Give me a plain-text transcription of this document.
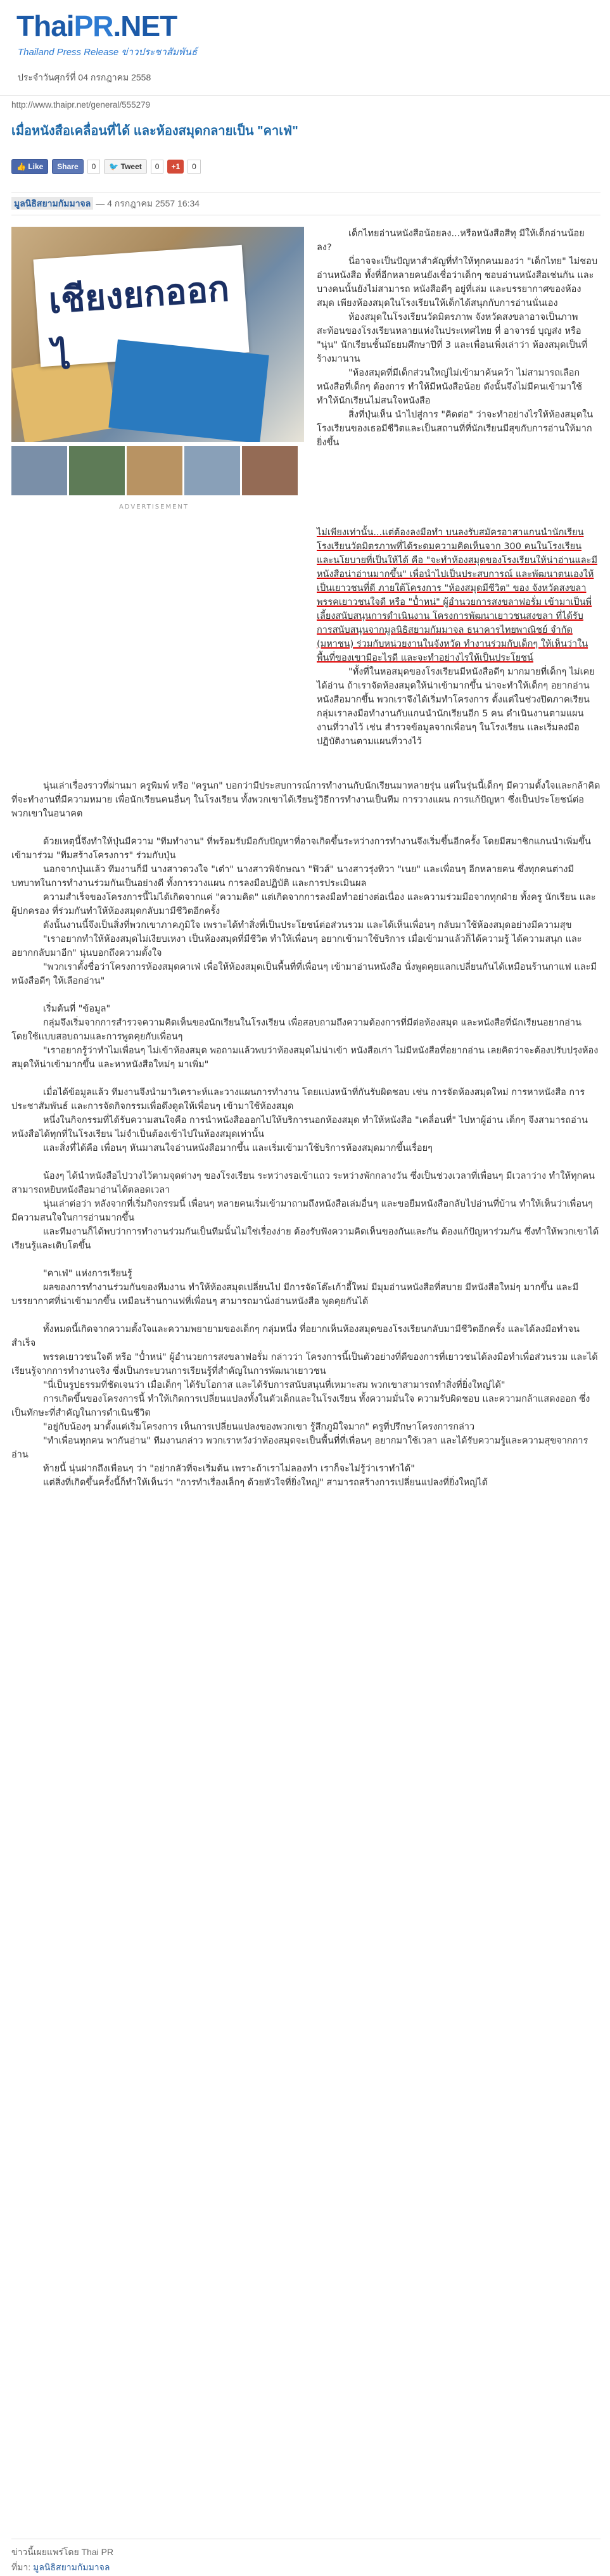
ThaiPR.NET
Thailand Press Release ข่าวประชาสัมพันธ์
ประจำวันศุกร์ที่ 04 กรกฎาคม 2558
http://www.thaipr.net/general/555279
เมื่อหนังสือเคลื่อนที่ได้ และห้องสมุดกลายเป็น "คาเฟ่"
👍 Like	Share	0	🐦 Tweet	0	+1	0
มูลนิธิสยามกัมมาจล — 4 กรกฎาคม 2557 16:34
เชียงยกออกไ
ADVERTISEMENT

เด็กไทยอ่านหนังสือน้อยลง...หรือหนังสือสีทุ มีให้เด็กอ่านน้อยลง?

นี่อาจจะเป็นปัญหาสำคัญที่ทำให้ทุกคนมองว่า "เด็กไทย" ไม่ชอบอ่านหนังสือ ทั้งที่อีกหลายคนยังเชื่อว่าเด็กๆ ชอบอ่านหนังสือเช่นกัน และบางคนนั้นยังไม่สามารถ หนังสือดีๆ อยู่ที่เล่ม และบรรยากาศของห้องสมุด เพียงห้องสมุดในโรงเรียนให้เด็กได้สนุกกับการอ่านนั่นเอง

ห้องสมุดในโรงเรียนวัดมิตรภาพ จังหวัดสงขลาอาจเป็นภาพสะท้อนของโรงเรียนหลายแห่งในประเทศไทย ที่ อาจารย์ บุญส่ง หรือ "นุ่น" นักเรียนชั้นมัธยมศึกษาปีที่ 3 และเพื่อนเพิ่งเล่าว่า ห้องสมุดเป็นที่ร้างมานาน

"ห้องสมุดที่มีเด็กส่วนใหญ่ไม่เข้ามาค้นคว้า ไม่สามารถเลือกหนังสือที่เด็กๆ ต้องการ ทำให้มีหนังสือน้อย ดังนั้นจึงไม่มีคนเข้ามาใช้ ทำให้นักเรียนไม่สนใจหนังสือ

สิ่งที่ปุ่นเห็น นำไปสู่การ "คิดต่อ" ว่าจะทำอย่างไรให้ห้องสมุดในโรงเรียนของเธอมีชีวิตและเป็นสถานที่ที่นักเรียนมีสุขกับการอ่านให้มากยิ่งขึ้น

ไม่เพียงเท่านั้น...แต่ต้องลงมือทำ บนลงรับสมัครอาสาแกนนำนักเรียนโรงเรียนวัดมิตรภาพที่ได้ระดมความคิดเห็นจาก 300 คนในโรงเรียน และนโยบายที่เป็นให้ได้ คือ "จะทำห้องสมุดของโรงเรียนให้น่าอ่านและมีหนังสือน่าอ่านมากขึ้น" เพื่อนำไปเป็นประสบการณ์ และพัฒนาตนเองให้เป็นเยาวชนที่ดี ภายใต้โครงการ "ห้องสมุดมีชีวิต" ของ จังหวัดสงขลา พรรคเยาวชนใจดี หรือ "ป๋ำหน่" ผู้อำนวยการสงขลาฟอรั่ม เข้ามาเป็นพี่เลี้ยงสนับสนุนการดำเนินงาน โครงการพัฒนาเยาวชนสงขลา ที่ได้รับการสนับสนุนจากมูลนิธิสยามกัมมาจล ธนาคารไทยพาณิชย์ จำกัด (มหาชน) ร่วมกับหน่วยงานในจังหวัด ทำงานร่วมกับเด็กๆ ให้เห็นว่าในพื้นที่ของเขามีอะไรดี และจะทำอย่างไรให้เป็นประโยชน์

"ทั้งที่ในหอสมุดของโรงเรียนมีหนังสือดีๆ มากมายที่เด็กๆ ไม่เคยได้อ่าน ถ้าเราจัดห้องสมุดให้น่าเข้ามากขึ้น น่าจะทำให้เด็กๆ อยากอ่านหนังสือมากขึ้น พวกเราจึงได้เริ่มทำโครงการ ตั้งแต่ในช่วงปิดภาคเรียน กลุ่มเราลงมือทำงานกับแกนนำนักเรียนอีก 5 คน ดำเนินงานตามแผนงานที่วางไว้ เช่น สำรวจข้อมูลจากเพื่อนๆ ในโรงเรียน และเริ่มลงมือปฏิบัติงานตามแผนที่วางไว้

นุ่นเล่าเรื่องราวที่ผ่านมา ครูพิมพ์ หรือ "ครูนก" บอกว่ามีประสบการณ์การทำงานกับนักเรียนมาหลายรุ่น แต่ในรุ่นนี้เด็กๆ มีความตั้งใจและกล้าคิดที่จะทำงานที่มีความหมาย เพื่อนักเรียนคนอื่นๆ ในโรงเรียน ทั้งพวกเขาได้เรียนรู้วิธีการทำงานเป็นทีม การวางแผน การแก้ปัญหา ซึ่งเป็นประโยชน์ต่อพวกเขาในอนาคต

ด้วยเหตุนี้จึงทำให้ปุ่นมีความ "ทีมทำงาน" ที่พร้อมรับมือกับปัญหาที่อาจเกิดขึ้นระหว่างการทำงานจึงเริ่มขึ้นอีกครั้ง โดยมีสมาชิกแกนนำเพิ่มขึ้น เข้ามาร่วม "ทีมสร้างโครงการ" ร่วมกับปุ่น

นอกจากปุ่นแล้ว ทีมงานก็มี นางสาวดวงใจ "เต๋า" นางสาวพิจักษณา "ฟิวส์" นางสาวรุ่งทิวา "เนย" และเพื่อนๆ อีกหลายคน ซึ่งทุกคนต่างมีบทบาทในการทำงานร่วมกันเป็นอย่างดี ทั้งการวางแผน การลงมือปฏิบัติ และการประเมินผล

ความสำเร็จของโครงการนี้ไม่ได้เกิดจากแค่ "ความคิด" แต่เกิดจากการลงมือทำอย่างต่อเนื่อง และความร่วมมือจากทุกฝ่าย ทั้งครู นักเรียน และผู้ปกครอง ที่ร่วมกันทำให้ห้องสมุดกลับมามีชีวิตอีกครั้ง

ดังนั้นงานนี้จึงเป็นสิ่งที่พวกเขาภาคภูมิใจ เพราะได้ทำสิ่งที่เป็นประโยชน์ต่อส่วนรวม และได้เห็นเพื่อนๆ กลับมาใช้ห้องสมุดอย่างมีความสุข

"เราอยากทำให้ห้องสมุดไม่เงียบเหงา เป็นห้องสมุดที่มีชีวิต ทำให้เพื่อนๆ อยากเข้ามาใช้บริการ เมื่อเข้ามาแล้วก็ได้ความรู้ ได้ความสนุก และอยากกลับมาอีก" นุ่นบอกถึงความตั้งใจ

"พวกเราตั้งชื่อว่าโครงการห้องสมุดคาเฟ่ เพื่อให้ห้องสมุดเป็นพื้นที่ที่เพื่อนๆ เข้ามาอ่านหนังสือ นั่งพูดคุยแลกเปลี่ยนกันได้เหมือนร้านกาแฟ และมีหนังสือดีๆ ให้เลือกอ่าน"

เริ่มต้นที่ "ข้อมูล"

กลุ่มจึงเริ่มจากการสำรวจความคิดเห็นของนักเรียนในโรงเรียน เพื่อสอบถามถึงความต้องการที่มีต่อห้องสมุด และหนังสือที่นักเรียนอยากอ่าน โดยใช้แบบสอบถามและการพูดคุยกับเพื่อนๆ

"เราอยากรู้ว่าทำไมเพื่อนๆ ไม่เข้าห้องสมุด พอถามแล้วพบว่าห้องสมุดไม่น่าเข้า หนังสือเก่า ไม่มีหนังสือที่อยากอ่าน เลยคิดว่าจะต้องปรับปรุงห้องสมุดให้น่าเข้ามากขึ้น และหาหนังสือใหม่ๆ มาเพิ่ม"

เมื่อได้ข้อมูลแล้ว ทีมงานจึงนำมาวิเคราะห์และวางแผนการทำงาน โดยแบ่งหน้าที่กันรับผิดชอบ เช่น การจัดห้องสมุดใหม่ การหาหนังสือ การประชาสัมพันธ์ และการจัดกิจกรรมเพื่อดึงดูดให้เพื่อนๆ เข้ามาใช้ห้องสมุด

หนึ่งในกิจกรรมที่ได้รับความสนใจคือ การนำหนังสือออกไปให้บริการนอกห้องสมุด ทำให้หนังสือ "เคลื่อนที่" ไปหาผู้อ่าน เด็กๆ จึงสามารถอ่านหนังสือได้ทุกที่ในโรงเรียน ไม่จำเป็นต้องเข้าไปในห้องสมุดเท่านั้น

และสิ่งที่ได้คือ เพื่อนๆ หันมาสนใจอ่านหนังสือมากขึ้น และเริ่มเข้ามาใช้บริการห้องสมุดมากขึ้นเรื่อยๆ

น้องๆ ได้นำหนังสือไปวางไว้ตามจุดต่างๆ ของโรงเรียน ระหว่างรอเข้าแถว ระหว่างพักกลางวัน ซึ่งเป็นช่วงเวลาที่เพื่อนๆ มีเวลาว่าง ทำให้ทุกคนสามารถหยิบหนังสือมาอ่านได้ตลอดเวลา

นุ่นเล่าต่อว่า หลังจากที่เริ่มกิจกรรมนี้ เพื่อนๆ หลายคนเริ่มเข้ามาถามถึงหนังสือเล่มอื่นๆ และขอยืมหนังสือกลับไปอ่านที่บ้าน ทำให้เห็นว่าเพื่อนๆ มีความสนใจในการอ่านมากขึ้น

และทีมงานก็ได้พบว่าการทำงานร่วมกันเป็นทีมนั้นไม่ใช่เรื่องง่าย ต้องรับฟังความคิดเห็นของกันและกัน ต้องแก้ปัญหาร่วมกัน ซึ่งทำให้พวกเขาได้เรียนรู้และเติบโตขึ้น

"คาเฟ่" แห่งการเรียนรู้

ผลของการทำงานร่วมกันของทีมงาน ทำให้ห้องสมุดเปลี่ยนไป มีการจัดโต๊ะเก้าอี้ใหม่ มีมุมอ่านหนังสือที่สบาย มีหนังสือใหม่ๆ มากขึ้น และมีบรรยากาศที่น่าเข้ามากขึ้น เหมือนร้านกาแฟที่เพื่อนๆ สามารถมานั่งอ่านหนังสือ พูดคุยกันได้

ทั้งหมดนี้เกิดจากความตั้งใจและความพยายามของเด็กๆ กลุ่มหนึ่ง ที่อยากเห็นห้องสมุดของโรงเรียนกลับมามีชีวิตอีกครั้ง และได้ลงมือทำจนสำเร็จ

พรรคเยาวชนใจดี หรือ "ป๋ำหน่" ผู้อำนวยการสงขลาฟอรั่ม กล่าวว่า โครงการนี้เป็นตัวอย่างที่ดีของการที่เยาวชนได้ลงมือทำเพื่อส่วนรวม และได้เรียนรู้จากการทำงานจริง ซึ่งเป็นกระบวนการเรียนรู้ที่สำคัญในการพัฒนาเยาวชน

"นี่เป็นรูปธรรมที่ชัดเจนว่า เมื่อเด็กๆ ได้รับโอกาส และได้รับการสนับสนุนที่เหมาะสม พวกเขาสามารถทำสิ่งที่ยิ่งใหญ่ได้"

การเกิดขึ้นของโครงการนี้ ทำให้เกิดการเปลี่ยนแปลงทั้งในตัวเด็กและในโรงเรียน ทั้งความมั่นใจ ความรับผิดชอบ และความกล้าแสดงออก ซึ่งเป็นทักษะที่สำคัญในการดำเนินชีวิต

"อยู่กับน้องๆ มาตั้งแต่เริ่มโครงการ เห็นการเปลี่ยนแปลงของพวกเขา รู้สึกภูมิใจมาก" ครูที่ปรึกษาโครงการกล่าว

"ทำเพื่อนทุกคน พากันอ่าน" ทีมงานกล่าว พวกเราหวังว่าห้องสมุดจะเป็นพื้นที่ที่เพื่อนๆ อยากมาใช้เวลา และได้รับความรู้และความสุขจากการอ่าน

ท้ายนี้ นุ่นฝากถึงเพื่อนๆ ว่า "อย่ากลัวที่จะเริ่มต้น เพราะถ้าเราไม่ลองทำ เราก็จะไม่รู้ว่าเราทำได้"

แต่สิ่งที่เกิดขึ้นครั้งนี้ก็ทำให้เห็นว่า "การทำเรื่องเล็กๆ ด้วยหัวใจที่ยิ่งใหญ่" สามารถสร้างการเปลี่ยนแปลงที่ยิ่งใหญ่ได้

ข่าวนี้เผยแพร่โดย Thai PR
ที่มา: มูลนิธิสยามกัมมาจล
